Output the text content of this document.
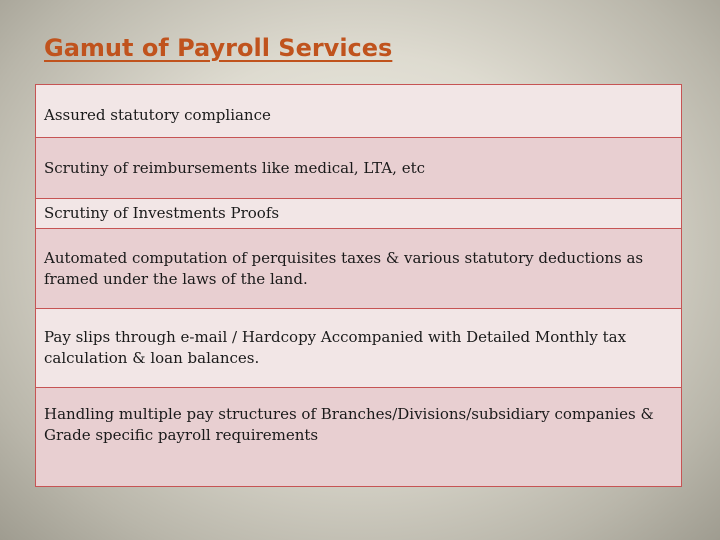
Gamut of Payroll Services
Assured statutory compliance
Scrutiny of reimbursements like medical, LTA, etc
Scrutiny of Investments Proofs
Automated computation of perquisites taxes & various statutory deductions as framed under the laws of the land.
Pay slips through e-mail / Hardcopy Accompanied with Detailed Monthly tax calculation & loan balances.
Handling multiple pay structures of Branches/Divisions/subsidiary companies & Grade specific payroll requirements
